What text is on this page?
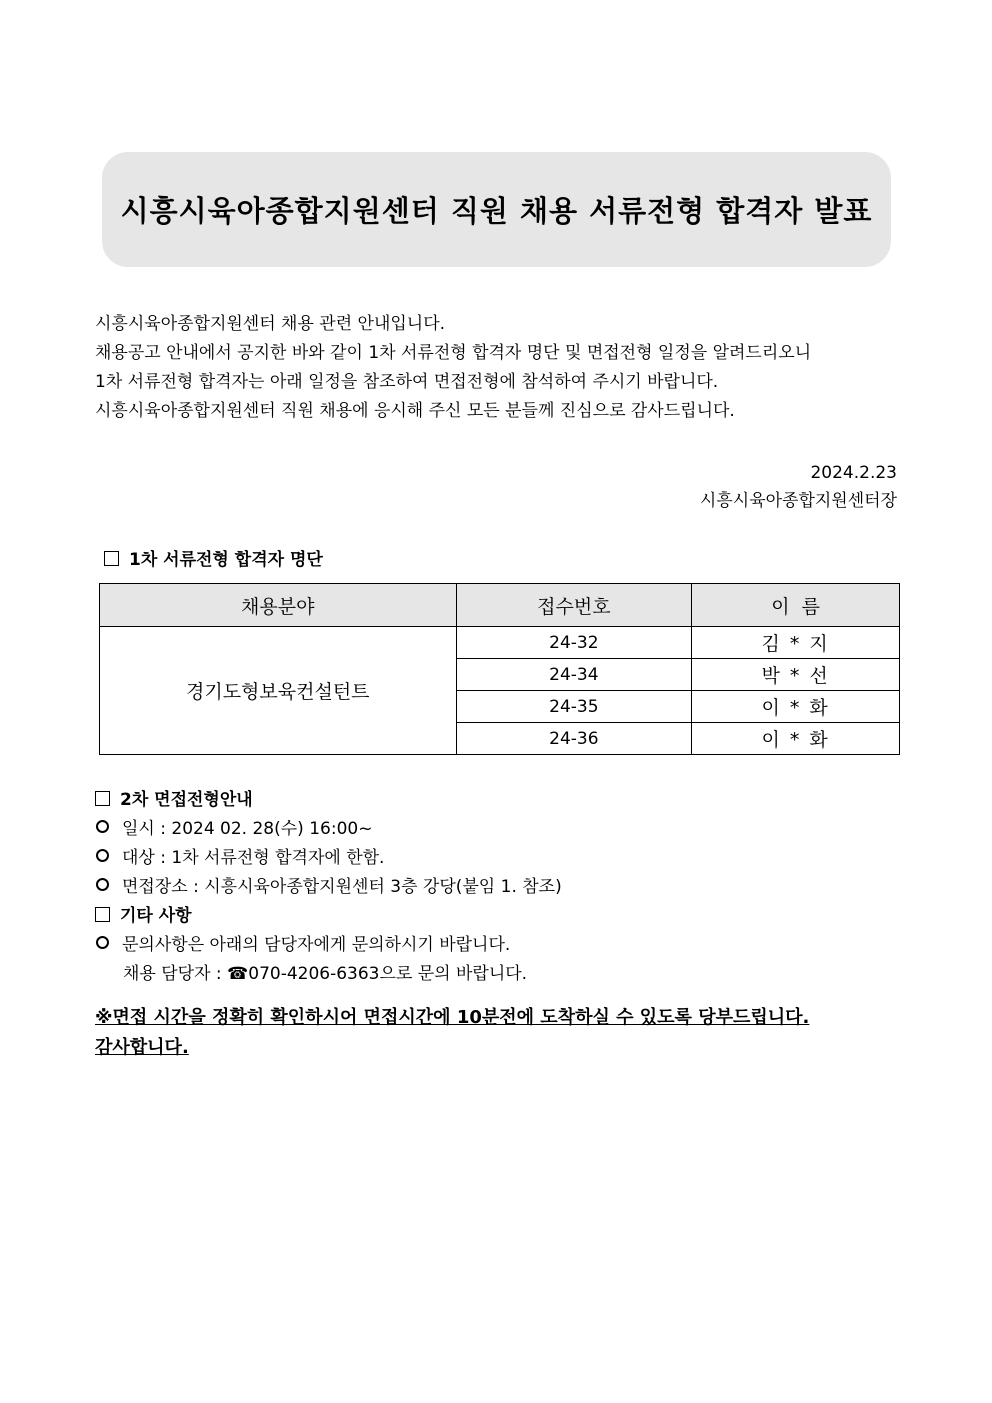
시흥시육아종합지원센터 직원 채용 서류전형 합격자 발표

시흥시육아종합지원센터 채용 관련 안내입니다.

채용공고 안내에서 공지한 바와 같이 1차 서류전형 합격자 명단 및 면접전형 일정을 알려드리오니

1차 서류전형 합격자는 아래 일정을 참조하여 면접전형에 참석하여 주시기 바랍니다.

시흥시육아종합지원센터 직원 채용에 응시해 주신 모든 분들께 진심으로 감사드립니다.

2024.2.23
시흥시육아종합지원센터장
1차 서류전형 합격자 명단
채용분야	접수번호	이  름
경기도형보육컨설턴트	24-32	김 * 지
	24-34	박 * 선
	24-35	이 * 화
	24-36	이 * 화
2차 면접전형안내
일시 : 2024 02. 28(수) 16:00~
대상 : 1차 서류전형 합격자에 한함.
면접장소 : 시흥시육아종합지원센터 3층 강당(붙임 1. 참조)
기타 사항
문의사항은 아래의 담당자에게 문의하시기 바랍니다.
채용 담당자 : ☎070-4206-6363으로 문의 바랍니다.
※면접 시간을 정확히 확인하시어 면접시간에 10분전에 도착하실 수 있도록 당부드립니다.
감사합니다.
